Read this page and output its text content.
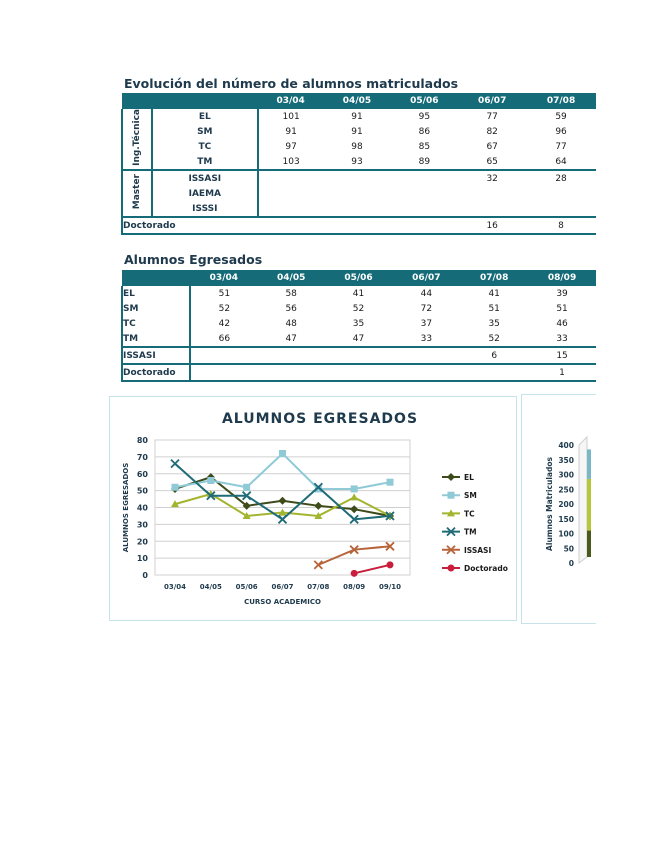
Evolución del número de alumnos matriculados
		03/04	04/05	05/06	06/07	07/08
Ing.Técnica	EL	101	91	95	77	59
	SM	91	91	86	82	96
	TC	97	98	85	67	77
	TM	103	93	89	65	64
Master	ISSASI				32	28
	IAEMA					
	ISSSI					
Doctorado					16	8
Alumnos Egresados
	03/04	04/05	05/06	06/07	07/08	08/09
EL	51	58	41	44	41	39
SM	52	56	52	72	51	51
TC	42	48	35	37	35	46
TM	66	47	47	33	52	33
ISSASI					6	15
Doctorado						1
ALUMNOS EGRESADOS
0
10
20
30
40
50
60
70
80
03/04 04/05 05/06 06/07 07/08 08/09 09/10
CURSO ACADEMICO
ALUMNOS EGRESADOS	EL
SM
TC
TM
ISSASI
Doctorado
Alumnos Matriculados
0
50
100
150
200
250
300
350
400
